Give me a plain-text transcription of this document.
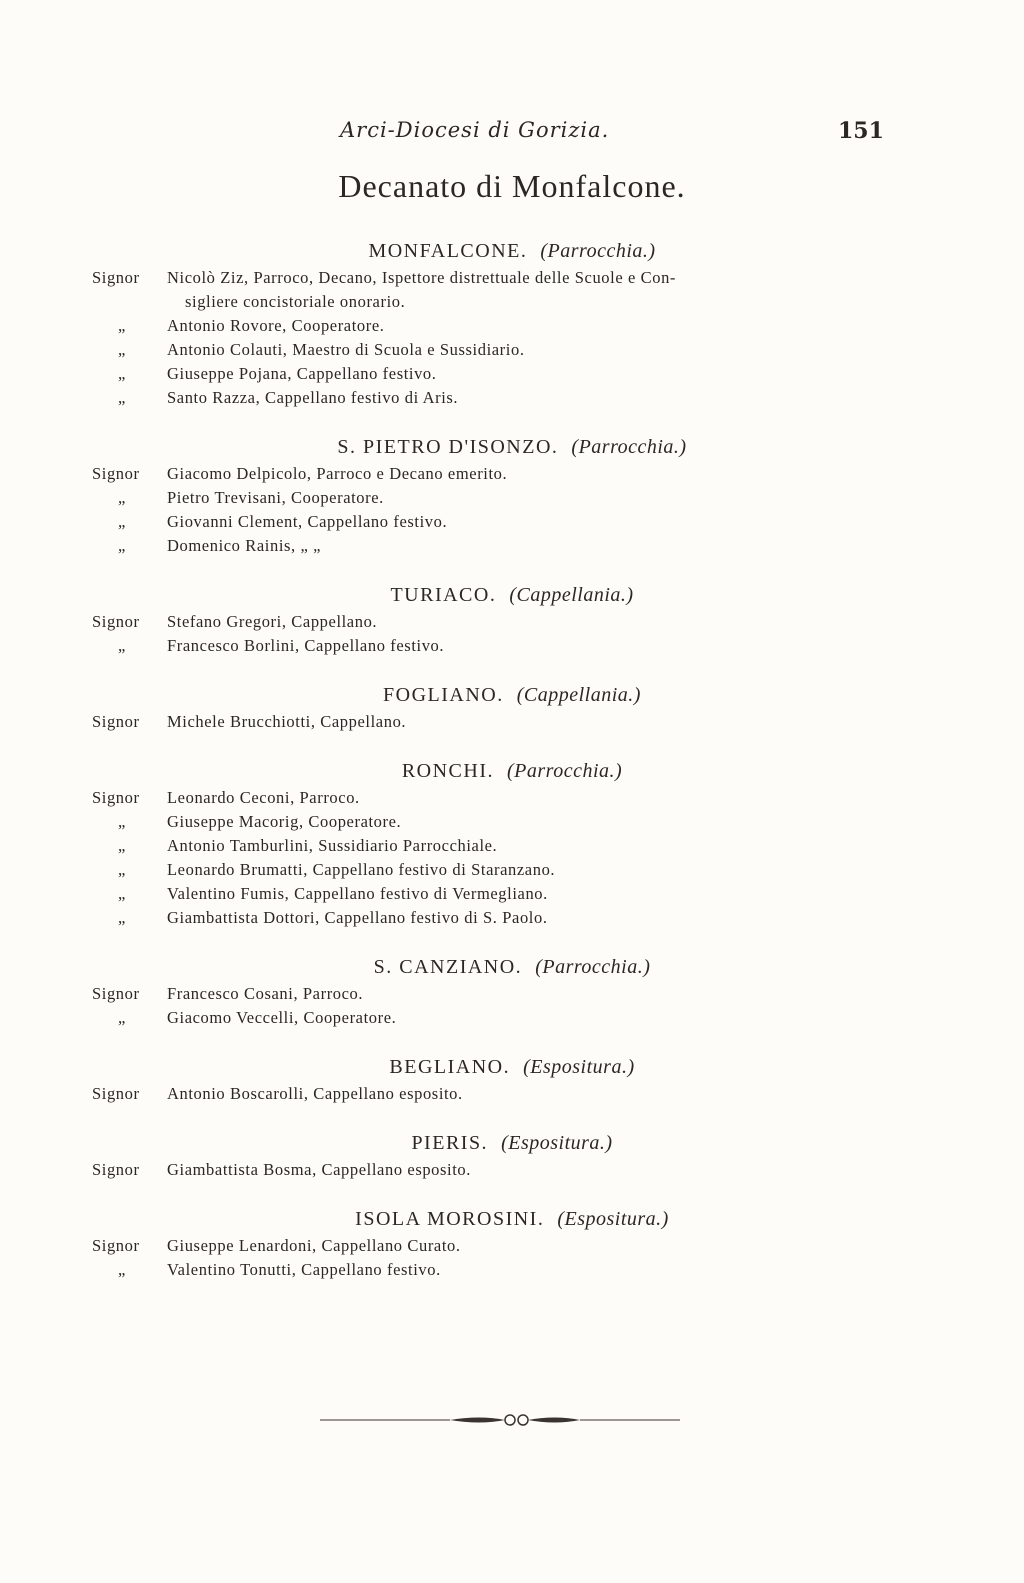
Arci-Diocesi di Gorizia.	151
Decanato di Monfalcone.
MONFALCONE. (Parrocchia.)
Signor	Nicolò Ziz, Parroco, Decano, Ispettore distrettuale delle Scuole e Con-
sigliere concistoriale onorario.
„	Antonio Rovore, Cooperatore.
„	Antonio Colauti, Maestro di Scuola e Sussidiario.
„	Giuseppe Pojana, Cappellano festivo.
„	Santo Razza, Cappellano festivo di Aris.
S. PIETRO D'ISONZO. (Parrocchia.)
Signor	Giacomo Delpicolo, Parroco e Decano emerito.
„	Pietro Trevisani, Cooperatore.
„	Giovanni Clement, Cappellano festivo.
„	Domenico Rainis, „ „
TURIACO. (Cappellania.)
Signor	Stefano Gregori, Cappellano.
„	Francesco Borlini, Cappellano festivo.
FOGLIANO. (Cappellania.)
Signor	Michele Brucchiotti, Cappellano.
RONCHI. (Parrocchia.)
Signor	Leonardo Ceconi, Parroco.
„	Giuseppe Macorig, Cooperatore.
„	Antonio Tamburlini, Sussidiario Parrocchiale.
„	Leonardo Brumatti, Cappellano festivo di Staranzano.
„	Valentino Fumis, Cappellano festivo di Vermegliano.
„	Giambattista Dottori, Cappellano festivo di S. Paolo.
S. CANZIANO. (Parrocchia.)
Signor	Francesco Cosani, Parroco.
„	Giacomo Veccelli, Cooperatore.
BEGLIANO. (Espositura.)
Signor	Antonio Boscarolli, Cappellano esposito.
PIERIS. (Espositura.)
Signor	Giambattista Bosma, Cappellano esposito.
ISOLA MOROSINI. (Espositura.)
Signor	Giuseppe Lenardoni, Cappellano Curato.
„	Valentino Tonutti, Cappellano festivo.
